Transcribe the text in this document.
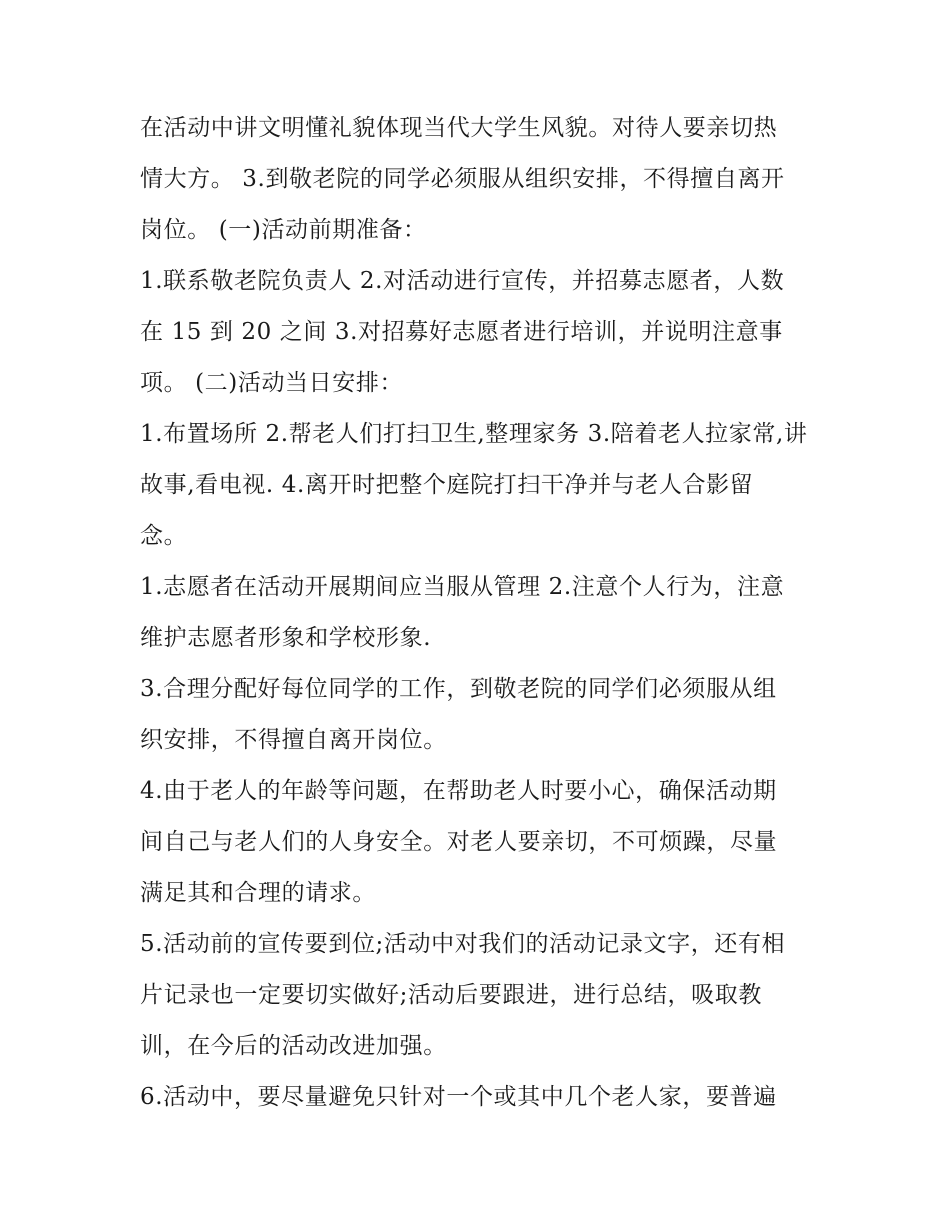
在活动中讲文明懂礼貌体现当代大学生风貌。对待人要亲切热
情大方。 3.到敬老院的同学必须服从组织安排，不得擅自离开
岗位。 (一)活动前期准备：
1.联系敬老院负责人 2.对活动进行宣传，并招募志愿者，人数
在 15 到 20 之间 3.对招募好志愿者进行培训，并说明注意事
项。 (二)活动当日安排：
1.布置场所 2.帮老人们打扫卫生,整理家务 3.陪着老人拉家常,讲
故事,看电视. 4.离开时把整个庭院打扫干净并与老人合影留
念。
1.志愿者在活动开展期间应当服从管理 2.注意个人行为，注意
维护志愿者形象和学校形象.
3.合理分配好每位同学的工作，到敬老院的同学们必须服从组
织安排，不得擅自离开岗位。
4.由于老人的年龄等问题，在帮助老人时要小心，确保活动期
间自己与老人们的人身安全。对老人要亲切，不可烦躁，尽量
满足其和合理的请求。
5.活动前的宣传要到位;活动中对我们的活动记录文字，还有相
片记录也一定要切实做好;活动后要跟进，进行总结，吸取教
训，在今后的活动改进加强。
6.活动中，要尽量避免只针对一个或其中几个老人家，要普遍
